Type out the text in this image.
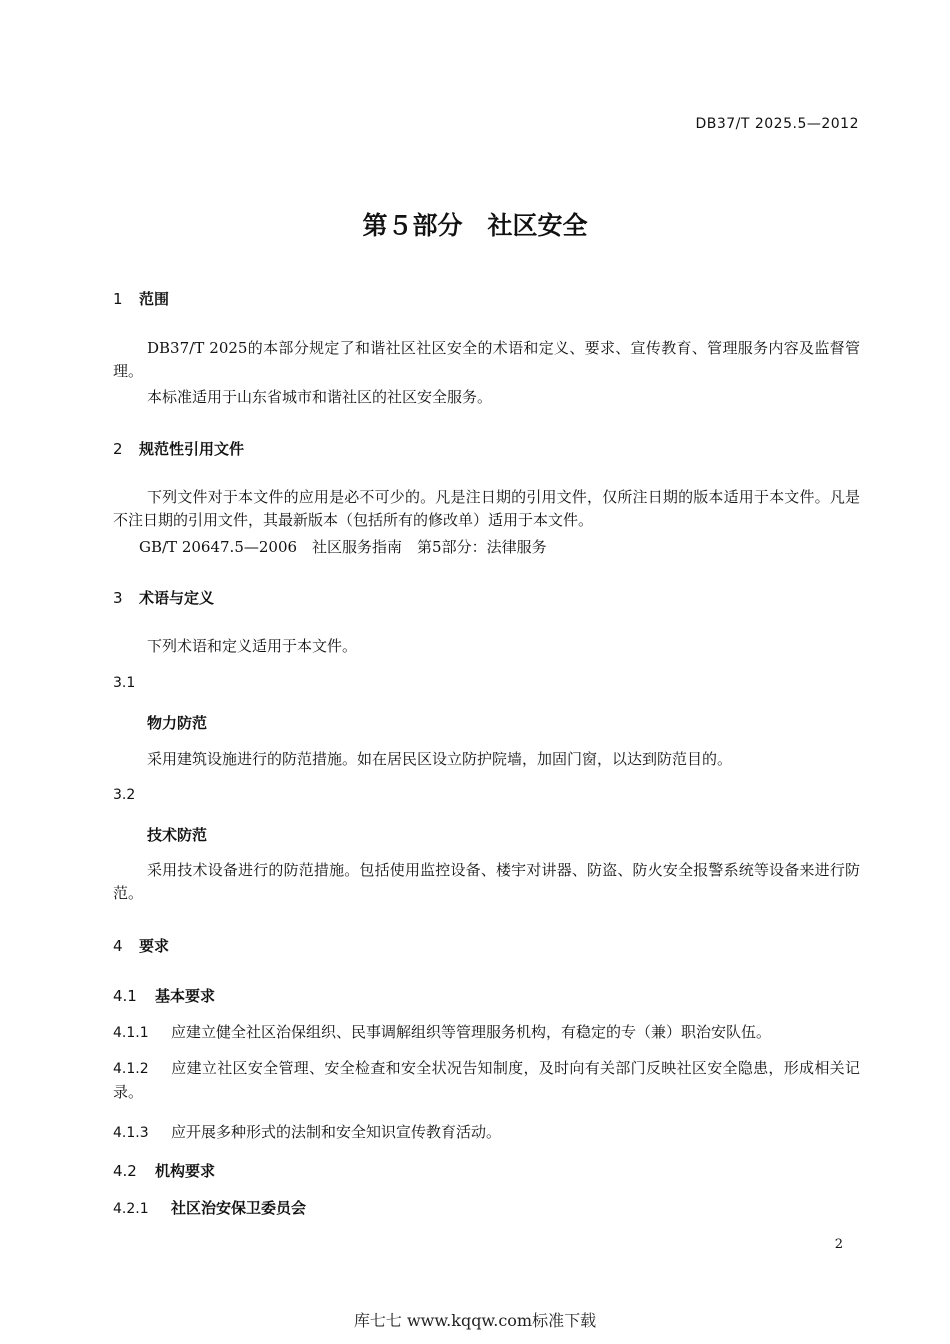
DB37/T 2025.5—2012
第５部分　社区安全
1 范围
DB37/T 2025的本部分规定了和谐社区社区安全的术语和定义、要求、宣传教育、管理服务内容及监督管理。
本标准适用于山东省城市和谐社区的社区安全服务。
2 规范性引用文件
下列文件对于本文件的应用是必不可少的。凡是注日期的引用文件，仅所注日期的版本适用于本文件。凡是不注日期的引用文件，其最新版本（包括所有的修改单）适用于本文件。
GB/T 20647.5—2006　社区服务指南　第5部分：法律服务
3 术语与定义
下列术语和定义适用于本文件。
3.1
物力防范
采用建筑设施进行的防范措施。如在居民区设立防护院墙，加固门窗，以达到防范目的。
3.2
技术防范
采用技术设备进行的防范措施。包括使用监控设备、楼宇对讲器、防盗、防火安全报警系统等设备来进行防范。
4 要求
4.1 基本要求
4.1.1 应建立健全社区治保组织、民事调解组织等管理服务机构，有稳定的专（兼）职治安队伍。
4.1.2 应建立社区安全管理、安全检查和安全状况告知制度，及时向有关部门反映社区安全隐患，形成相关记录。
4.1.3 应开展多种形式的法制和安全知识宣传教育活动。
4.2 机构要求
4.2.1 社区治安保卫委员会
2
库七七 www.kqqw.com标准下载
